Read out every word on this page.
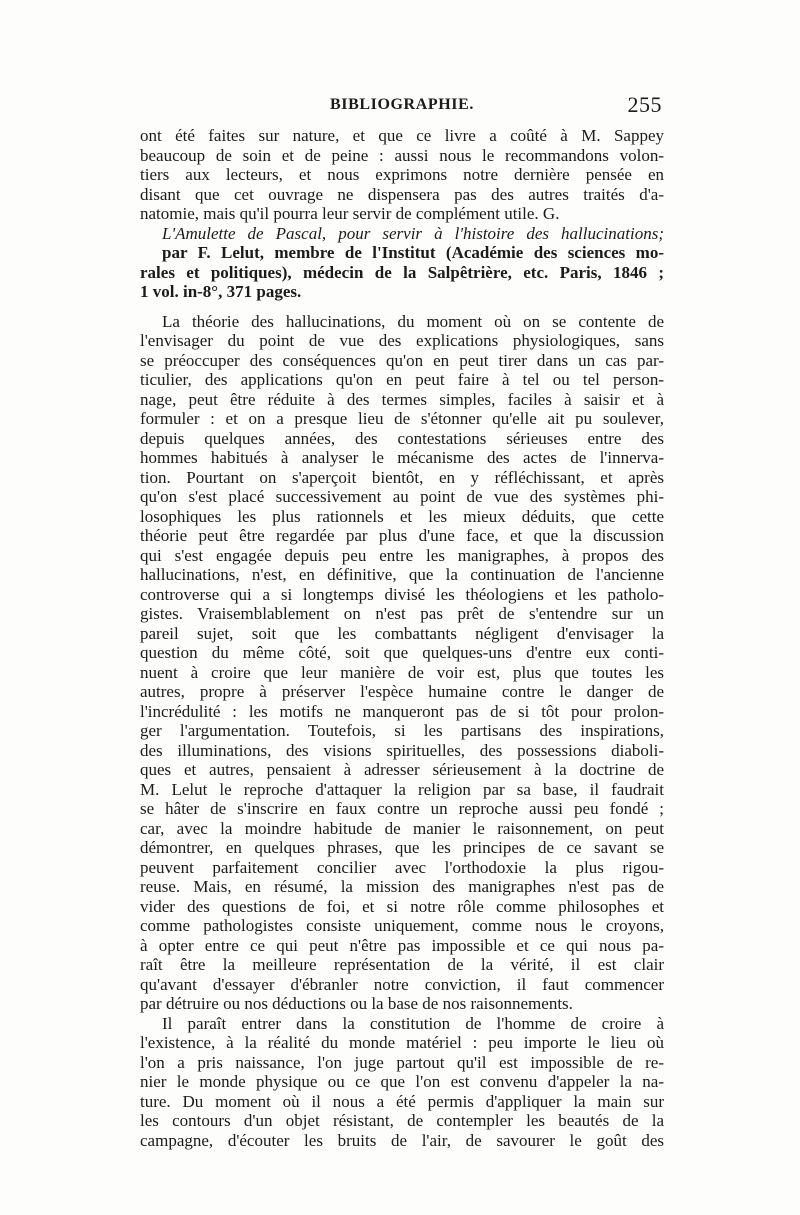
BIBLIOGRAPHIE.	255
ont été faites sur nature, et que ce livre a coûté à M. Sappey
beaucoup de soin et de peine : aussi nous le recommandons volon-
tiers aux lecteurs, et nous exprimons notre dernière pensée en
disant que cet ouvrage ne dispensera pas des autres traités d'a-
natomie, mais qu'il pourra leur servir de complément utile. G.
L'Amulette de Pascal, pour servir à l'histoire des hallucinations;
par F. Lelut, membre de l'Institut (Académie des sciences mo-
rales et politiques), médecin de la Salpêtrière, etc. Paris, 1846 ;
1 vol. in-8°, 371 pages.
La théorie des hallucinations, du moment où on se contente de
l'envisager du point de vue des explications physiologiques, sans
se préoccuper des conséquences qu'on en peut tirer dans un cas par-
ticulier, des applications qu'on en peut faire à tel ou tel person-
nage, peut être réduite à des termes simples, faciles à saisir et à
formuler : et on a presque lieu de s'étonner qu'elle ait pu soulever,
depuis quelques années, des contestations sérieuses entre des
hommes habitués à analyser le mécanisme des actes de l'innerva-
tion. Pourtant on s'aperçoit bientôt, en y réfléchissant, et après
qu'on s'est placé successivement au point de vue des systèmes phi-
losophiques les plus rationnels et les mieux déduits, que cette
théorie peut être regardée par plus d'une face, et que la discussion
qui s'est engagée depuis peu entre les manigraphes, à propos des
hallucinations, n'est, en définitive, que la continuation de l'ancienne
controverse qui a si longtemps divisé les théologiens et les patholo-
gistes. Vraisemblablement on n'est pas prêt de s'entendre sur un
pareil sujet, soit que les combattants négligent d'envisager la
question du même côté, soit que quelques-uns d'entre eux conti-
nuent à croire que leur manière de voir est, plus que toutes les
autres, propre à préserver l'espèce humaine contre le danger de
l'incrédulité : les motifs ne manqueront pas de si tôt pour prolon-
ger l'argumentation. Toutefois, si les partisans des inspirations,
des illuminations, des visions spirituelles, des possessions diaboli-
ques et autres, pensaient à adresser sérieusement à la doctrine de
M. Lelut le reproche d'attaquer la religion par sa base, il faudrait
se hâter de s'inscrire en faux contre un reproche aussi peu fondé ;
car, avec la moindre habitude de manier le raisonnement, on peut
démontrer, en quelques phrases, que les principes de ce savant se
peuvent parfaitement concilier avec l'orthodoxie la plus rigou-
reuse. Mais, en résumé, la mission des manigraphes n'est pas de
vider des questions de foi, et si notre rôle comme philosophes et
comme pathologistes consiste uniquement, comme nous le croyons,
à opter entre ce qui peut n'être pas impossible et ce qui nous pa-
raît être la meilleure représentation de la vérité, il est clair
qu'avant d'essayer d'ébranler notre conviction, il faut commencer
par détruire ou nos déductions ou la base de nos raisonnements.
Il paraît entrer dans la constitution de l'homme de croire à
l'existence, à la réalité du monde matériel : peu importe le lieu où
l'on a pris naissance, l'on juge partout qu'il est impossible de re-
nier le monde physique ou ce que l'on est convenu d'appeler la na-
ture. Du moment où il nous a été permis d'appliquer la main sur
les contours d'un objet résistant, de contempler les beautés de la
campagne, d'écouter les bruits de l'air, de savourer le goût des
